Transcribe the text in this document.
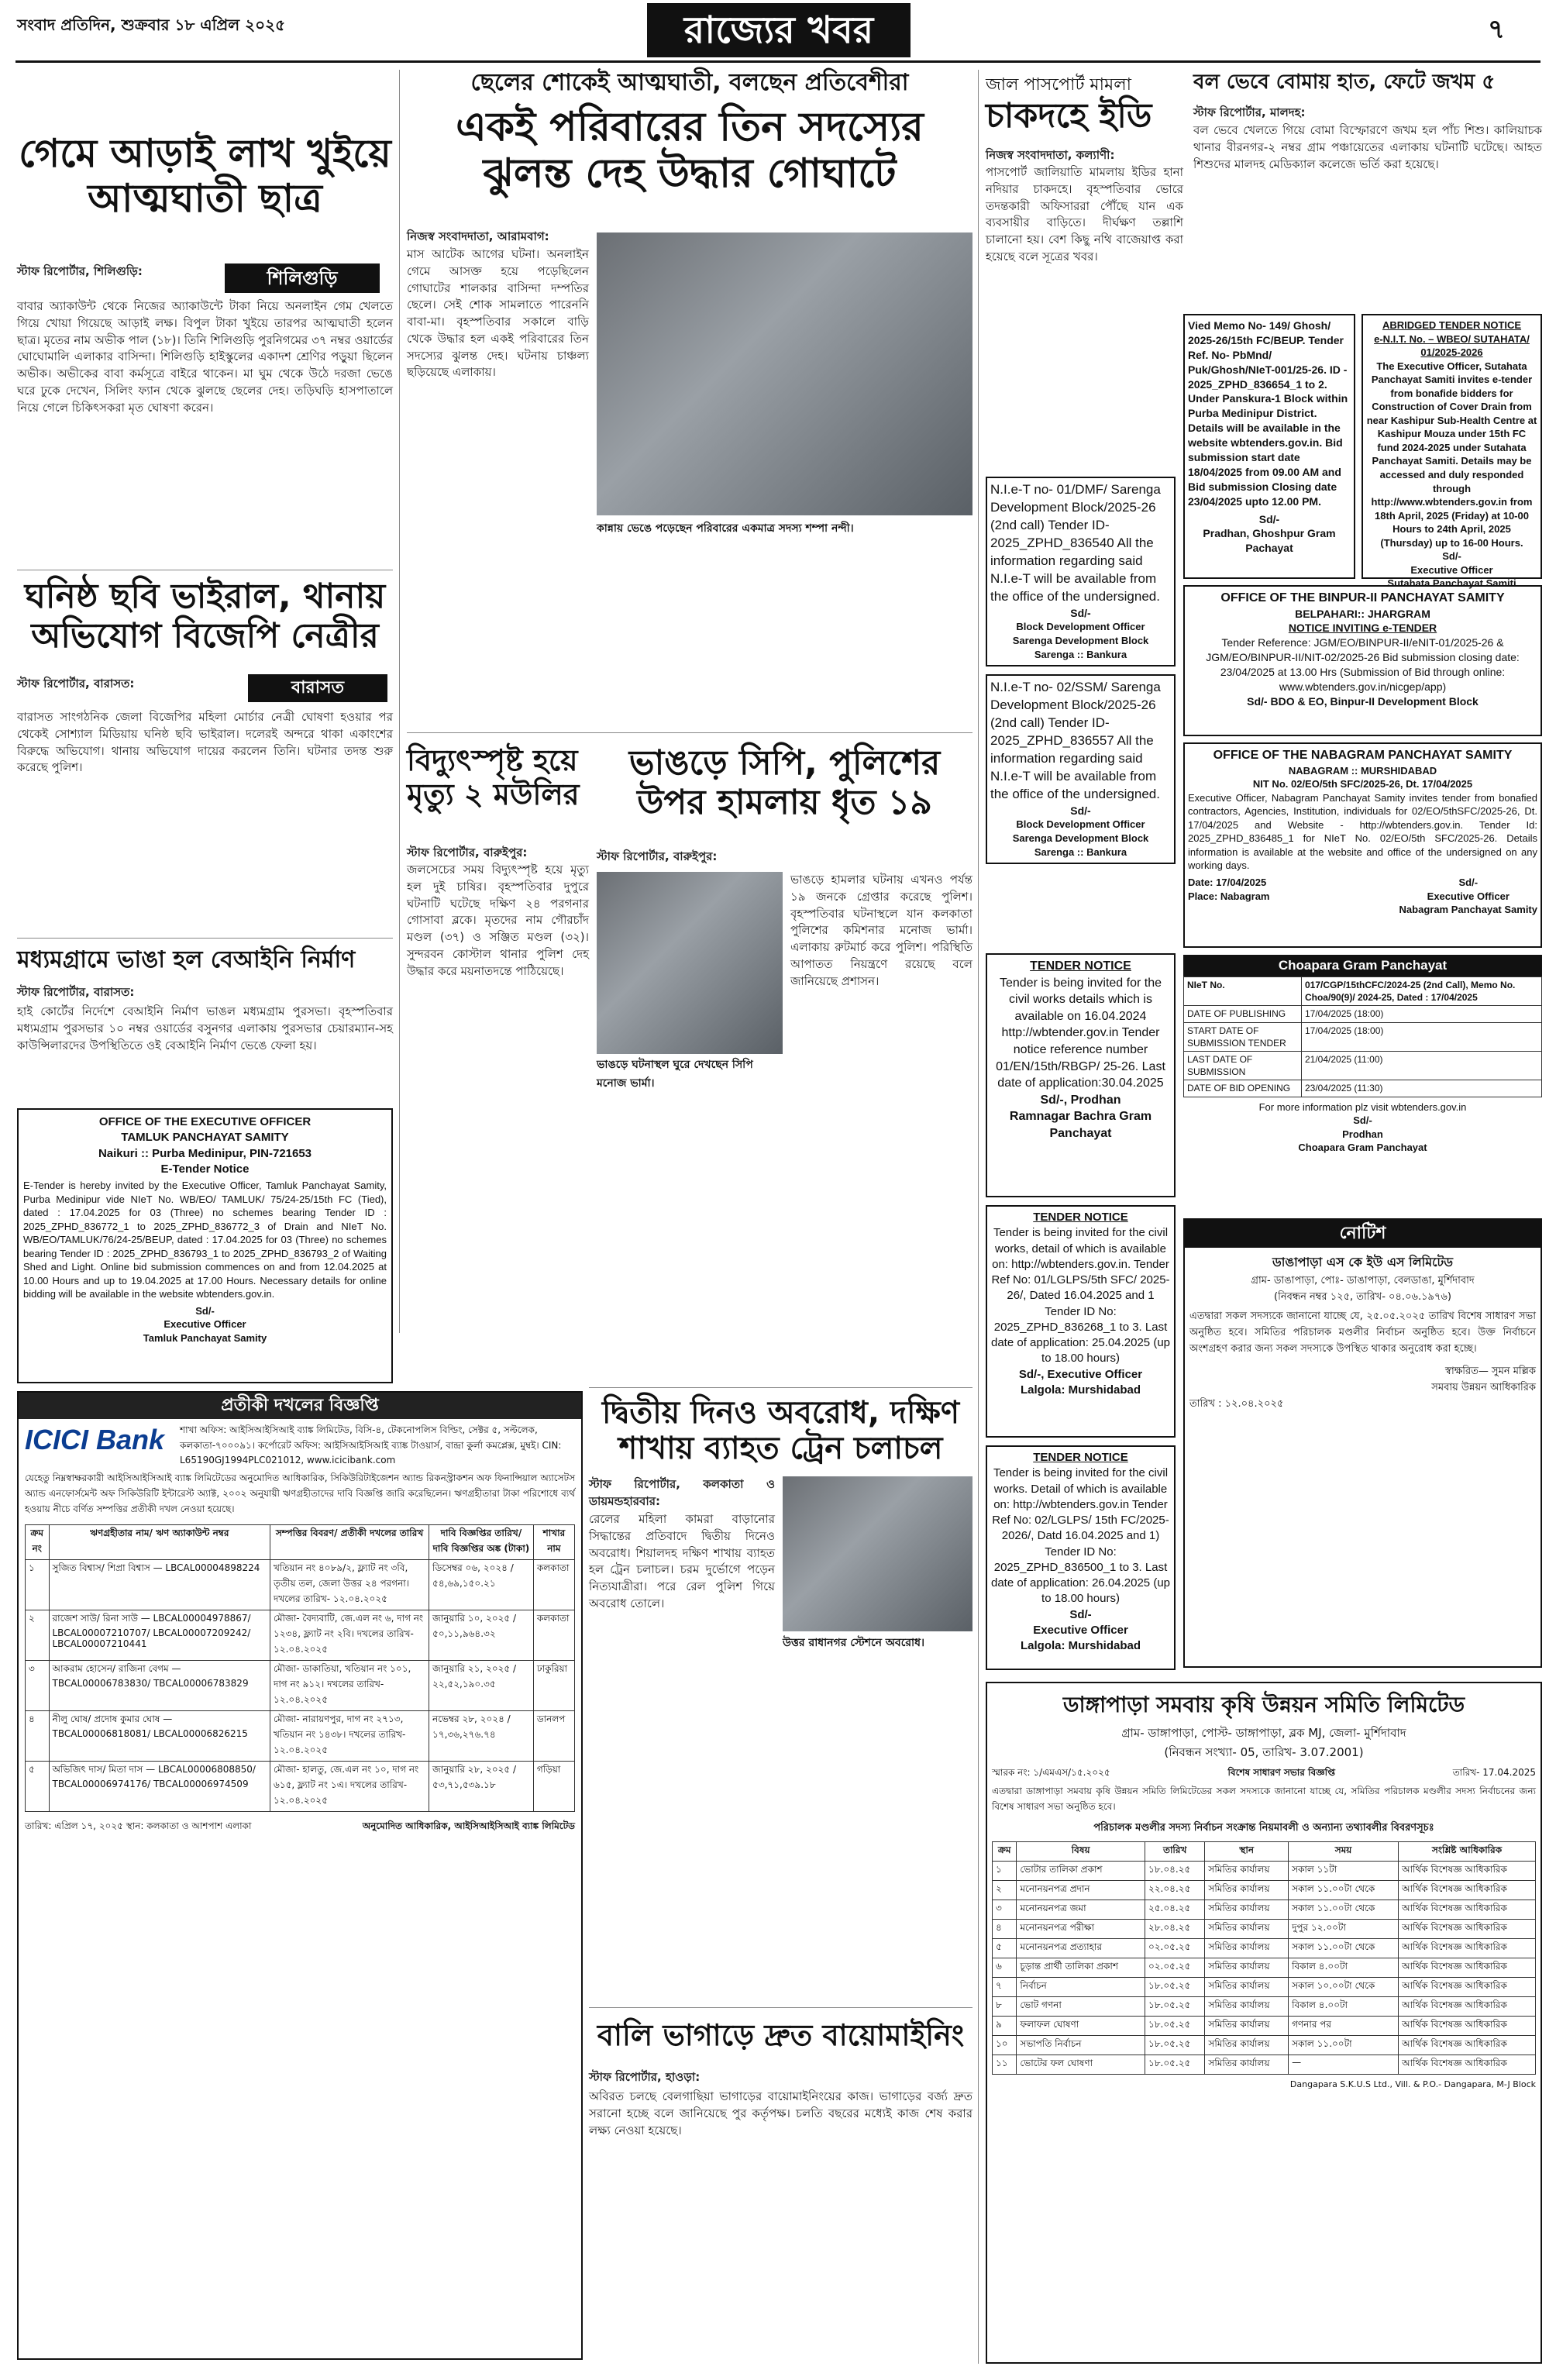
সংবাদ প্রতিদিন, শুক্রবার ১৮ এপ্রিল ২০২৫	রাজ্যের খবর	৭
গেমে আড়াই লাখ খুইয়ে আত্মঘাতী ছাত্র
শিলিগুড়ি
স্টাফ রিপোর্টার, শিলিগুড়ি:
বাবার অ্যাকাউন্ট থেকে নিজের অ্যাকাউন্টে টাকা নিয়ে অনলাইন গেম খেলতে গিয়ে খোয়া গিয়েছে আড়াই লক্ষ। বিপুল টাকা খুইয়ে তারপর আত্মঘাতী হলেন ছাত্র। মৃতের নাম অভীক পাল (১৮)। তিনি শিলিগুড়ি পুরনিগমের ৩৭ নম্বর ওয়ার্ডের ঘোঘোমালি এলাকার বাসিন্দা। শিলিগুড়ি হাইস্কুলের একাদশ শ্রেণির পড়ুয়া ছিলেন অভীক। অভীকের বাবা কর্মসূত্রে বাইরে থাকেন। মা ঘুম থেকে উঠে দরজা ভেঙে ঘরে ঢুকে দেখেন, সিলিং ফ্যান থেকে ঝুলছে ছেলের দেহ। তড়িঘড়ি হাসপাতালে নিয়ে গেলে চিকিৎসকরা মৃত ঘোষণা করেন।
ঘনিষ্ঠ ছবি ভাইরাল, থানায় অভিযোগ বিজেপি নেত্রীর
বারাসত
স্টাফ রিপোর্টার, বারাসত:
বারাসত সাংগঠনিক জেলা বিজেপির মহিলা মোর্চার নেত্রী ঘোষণা হওয়ার পর থেকেই সোশ্যাল মিডিয়ায় ঘনিষ্ঠ ছবি ভাইরাল। দলেরই অন্দরে থাকা একাংশের বিরুদ্ধে অভিযোগ। থানায় অভিযোগ দায়ের করলেন তিনি। ঘটনার তদন্ত শুরু করেছে পুলিশ।
মধ্যমগ্রামে ভাঙা হল বেআইনি নির্মাণ
স্টাফ রিপোর্টার, বারাসত:
হাই কোর্টের নির্দেশে বেআইনি নির্মাণ ভাঙল মধ্যমগ্রাম পুরসভা। বৃহস্পতিবার মধ্যমগ্রাম পুরসভার ১০ নম্বর ওয়ার্ডের বসুনগর এলাকায় পুরসভার চেয়ারম্যান-সহ কাউন্সিলারদের উপস্থিতিতে ওই বেআইনি নির্মাণ ভেঙে ফেলা হয়।
OFFICE OF THE EXECUTIVE OFFICER
TAMLUK PANCHAYAT SAMITY
Naikuri :: Purba Medinipur, PIN-721653
E-Tender Notice
E-Tender is hereby invited by the Executive Officer, Tamluk Panchayat Samity, Purba Medinipur vide NIeT No. WB/EO/ TAMLUK/ 75/24-25/15th FC (Tied), dated : 17.04.2025 for 03 (Three) no schemes bearing Tender ID : 2025_ZPHD_836772_1 to 2025_ZPHD_836772_3 of Drain and NIeT No. WB/EO/TAMLUK/76/24-25/BEUP, dated : 17.04.2025 for 03 (Three) no schemes bearing Tender ID : 2025_ZPHD_836793_1 to 2025_ZPHD_836793_2 of Waiting Shed and Light. Online bid submission commences on and from 12.04.2025 at 10.00 Hours and up to 19.04.2025 at 17.00 Hours. Necessary details for online bidding will be available in the website wbtenders.gov.in.
Sd/-
Executive Officer
Tamluk Panchayat Samity
প্রতীকী দখলের বিজ্ঞপ্তি
ICICI Bank	শাখা অফিস: আইসিআইসিআই ব্যাঙ্ক লিমিটেড, বিসি-৪, টেকনোপলিস বিল্ডিং, সেক্টর ৫, সল্টলেক, কলকাতা-৭০০০৯১। কর্পোরেট অফিস: আইসিআইসিআই ব্যাঙ্ক টাওয়ার্স, বান্দ্রা কুর্লা কমপ্লেক্স, মুম্বই। CIN: L65190GJ1994PLC021012, www.icicibank.com
যেহেতু নিম্নস্বাক্ষরকারী আইসিআইসিআই ব্যাঙ্ক লিমিটেডের অনুমোদিত আধিকারিক, সিকিউরিটাইজেশন অ্যান্ড রিকনস্ট্রাকশন অফ ফিনান্সিয়াল অ্যাসেটস অ্যান্ড এনফোর্সমেন্ট অফ সিকিউরিটি ইন্টারেস্ট অ্যাক্ট, ২০০২ অনুযায়ী ঋণগ্রহীতাদের দাবি বিজ্ঞপ্তি জারি করেছিলেন। ঋণগ্রহীতারা টাকা পরিশোধে ব্যর্থ হওয়ায় নীচে বর্ণিত সম্পত্তির প্রতীকী দখল নেওয়া হয়েছে।
ক্রম নং	ঋণগ্রহীতার নাম/ ঋণ অ্যাকাউন্ট নম্বর	সম্পত্তির বিবরণ/ প্রতীকী দখলের তারিখ	দাবি বিজ্ঞপ্তির তারিখ/ দাবি বিজ্ঞপ্তির অঙ্ক (টাকা)	শাখার নাম
১	সুজিত বিশ্বাস/ শিপ্রা বিশ্বাস — LBCAL00004898224	খতিয়ান নং ৪০৮৯/২, ফ্ল্যাট নং ৩বি, তৃতীয় তল, জেলা উত্তর ২৪ পরগনা। দখলের তারিখ- ১২.০৪.২০২৫	ডিসেম্বর ০৬, ২০২৪ / ৫৪,৬৯,১৫০.২১	কলকাতা
২	রাজেশ সাউ/ রিনা সাউ — LBCAL00004978867/ LBCAL00007210707/ LBCAL00007209242/ LBCAL00007210441	মৌজা- বৈদ্যবাটি, জে.এল নং ৬, দাগ নং ১২৩৪, ফ্ল্যাট নং ২বি। দখলের তারিখ- ১২.০৪.২০২৫	জানুয়ারি ১০, ২০২৫ / ৫০,১১,৯৬৪.৩২	কলকাতা
৩	আকরাম হোসেন/ রাজিনা বেগম — TBCAL00006783830/ TBCAL00006783829	মৌজা- ডাকাতিয়া, খতিয়ান নং ১০১, দাগ নং ৯১২। দখলের তারিখ- ১২.০৪.২০২৫	জানুয়ারি ২১, ২০২৫ / ২২,৫২,১৯০.৩৫	ঢাকুরিয়া
৪	নীলু ঘোষ/ প্রদোষ কুমার ঘোষ — TBCAL00006818081/ LBCAL00006826215	মৌজা- নারায়ণপুর, দাগ নং ২৭১৩, খতিয়ান নং ১৪৩৮। দখলের তারিখ- ১২.০৪.২০২৫	নভেম্বর ২৮, ২০২৪ / ১৭,৩৬,২৭৬.৭৪	ডানলপ
৫	অভিজিৎ দাস/ মিতা দাস — LBCAL00006808850/ TBCAL00006974176/ TBCAL00006974509	মৌজা- হালতু, জে.এল নং ১০, দাগ নং ৬১৫, ফ্ল্যাট নং ১এ। দখলের তারিখ- ১২.০৪.২০২৫	জানুয়ারি ২৮, ২০২৫ / ৫৩,৭১,৫৩৯.১৮	গড়িয়া
তারিখ: এপ্রিল ১৭, ২০২৫ স্থান: কলকাতা ও আশপাশ এলাকা	অনুমোদিত আধিকারিক, আইসিআইসিআই ব্যাঙ্ক লিমিটেড
ছেলের শোকেই আত্মঘাতী, বলছেন প্রতিবেশীরা
একই পরিবারের তিন সদস্যের ঝুলন্ত দেহ উদ্ধার গোঘাটে
নিজস্ব সংবাদদাতা, আরামবাগ:
মাস আটেক আগের ঘটনা। অনলাইন গেমে আসক্ত হয়ে পড়েছিলেন গোঘাটের শালকার বাসিন্দা দম্পতির ছেলে। সেই শোক সামলাতে পারেননি বাবা-মা। বৃহস্পতিবার সকালে বাড়ি থেকে উদ্ধার হল একই পরিবারের তিন সদস্যের ঝুলন্ত দেহ। ঘটনায় চাঞ্চল্য ছড়িয়েছে এলাকায়।
কান্নায় ভেঙে পড়েছেন পরিবারের একমাত্র সদস্য শম্পা নন্দী।
বিদ্যুৎস্পৃষ্ট হয়ে মৃত্যু ২ মউলির
স্টাফ রিপোর্টার, বারুইপুর:
জলসেচের সময় বিদ্যুৎস্পৃষ্ট হয়ে মৃত্যু হল দুই চাষির। বৃহস্পতিবার দুপুরে ঘটনাটি ঘটেছে দক্ষিণ ২৪ পরগনার গোসাবা ব্লকে। মৃতদের নাম গৌরচাঁদ মণ্ডল (৩৭) ও সঞ্জিত মণ্ডল (৩২)। সুন্দরবন কোস্টাল থানার পুলিশ দেহ উদ্ধার করে ময়নাতদন্তে পাঠিয়েছে।
ভাঙড়ে সিপি, পুলিশের উপর হামলায় ধৃত ১৯
স্টাফ রিপোর্টার, বারুইপুর:
ভাঙড়ে ঘটনাস্থল ঘুরে দেখছেন সিপি মনোজ ভার্মা।
ভাঙড়ে হামলার ঘটনায় এখনও পর্যন্ত ১৯ জনকে গ্রেপ্তার করেছে পুলিশ। বৃহস্পতিবার ঘটনাস্থলে যান কলকাতা পুলিশের কমিশনার মনোজ ভার্মা। এলাকায় রুটমার্চ করে পুলিশ। পরিস্থিতি আপাতত নিয়ন্ত্রণে রয়েছে বলে জানিয়েছে প্রশাসন।
দ্বিতীয় দিনও অবরোধ, দক্ষিণ শাখায় ব্যাহত ট্রেন চলাচল
স্টাফ রিপোর্টার, কলকাতা ও ডায়মন্ডহারবার:
রেলের মহিলা কামরা বাড়ানোর সিদ্ধান্তের প্রতিবাদে দ্বিতীয় দিনেও অবরোধ। শিয়ালদহ দক্ষিণ শাখায় ব্যাহত হল ট্রেন চলাচল। চরম দুর্ভোগে পড়েন নিত্যযাত্রীরা। পরে রেল পুলিশ গিয়ে অবরোধ তোলে।
উত্তর রাধানগর স্টেশনে অবরোধ।
বালি ভাগাড়ে দ্রুত বায়োমাইনিং
স্টাফ রিপোর্টার, হাওড়া:
অবিরত চলছে বেলগাছিয়া ভাগাড়ের বায়োমাইনিংয়ের কাজ। ভাগাড়ের বর্জ্য দ্রুত সরানো হচ্ছে বলে জানিয়েছে পুর কর্তৃপক্ষ। চলতি বছরের মধ্যেই কাজ শেষ করার লক্ষ্য নেওয়া হয়েছে।
জাল পাসপোর্ট মামলা
চাকদহে ইডি
নিজস্ব সংবাদদাতা, কল্যাণী:
পাসপোর্ট জালিয়াতি মামলায় ইডির হানা নদিয়ার চাকদহে। বৃহস্পতিবার ভোরে তদন্তকারী অফিসাররা পৌঁছে যান এক ব্যবসায়ীর বাড়িতে। দীর্ঘক্ষণ তল্লাশি চালানো হয়। বেশ কিছু নথি বাজেয়াপ্ত করা হয়েছে বলে সূত্রের খবর।
বল ভেবে বোমায় হাত, ফেটে জখম ৫
স্টাফ রিপোর্টার, মালদহ:
বল ভেবে খেলতে গিয়ে বোমা বিস্ফোরণে জখম হল পাঁচ শিশু। কালিয়াচক থানার বীরনগর-২ নম্বর গ্রাম পঞ্চায়েতের এলাকায় ঘটনাটি ঘটেছে। আহত শিশুদের মালদহ মেডিক্যাল কলেজে ভর্তি করা হয়েছে।
Vied Memo No- 149/ Ghosh/ 2025-26/15th FC/BEUP. Tender Ref. No- PbMnd/ Puk/Ghosh/NIeT-001/25-26. ID - 2025_ZPHD_836654_1 to 2. Under Panskura-1 Block within Purba Medinipur District. Details will be available in the website wbtenders.gov.in. Bid submission start date 18/04/2025 from 09.00 AM and Bid submission Closing date 23/04/2025 upto 12.00 PM.
Sd/-
Pradhan, Ghoshpur Gram Pachayat
ABRIDGED TENDER NOTICE
e-N.I.T. No. – WBEO/ SUTAHATA/ 01/2025-2026
The Executive Officer, Sutahata Panchayat Samiti invites e-tender from bonafide bidders for Construction of Cover Drain from near Kashipur Sub-Health Centre at Kashipur Mouza under 15th FC fund 2024-2025 under Sutahata Panchayat Samiti. Details may be accessed and duly responded through http://www.wbtenders.gov.in from 18th April, 2025 (Friday) at 10-00 Hours to 24th April, 2025 (Thursday) up to 16-00 Hours.
Sd/-
Executive Officer
Sutahata Panchayat Samiti
N.I.e-T no- 01/DMF/ Sarenga Development Block/2025-26 (2nd call) Tender ID- 2025_ZPHD_836540 All the information regarding said N.I.e-T will be available from the office of the undersigned.
Sd/-
Block Development Officer
Sarenga Development Block
Sarenga :: Bankura
N.I.e-T no- 02/SSM/ Sarenga Development Block/2025-26 (2nd call) Tender ID- 2025_ZPHD_836557 All the information regarding said N.I.e-T will be available from the office of the undersigned.
Sd/-
Block Development Officer
Sarenga Development Block
Sarenga :: Bankura
OFFICE OF THE BINPUR-II PANCHAYAT SAMITY
BELPAHARI:: JHARGRAM
NOTICE INVITING e-TENDER
Tender Reference: JGM/EO/BINPUR-II/eNIT-01/2025-26 & JGM/EO/BINPUR-II/NIT-02/2025-26 Bid submission closing date: 23/04/2025 at 13.00 Hrs (Submission of Bid through online: www.wbtenders.gov.in/nicgep/app)
Sd/- BDO & EO, Binpur-II Development Block
OFFICE OF THE NABAGRAM PANCHAYAT SAMITY
NABAGRAM :: MURSHIDABAD
NIT No. 02/EO/5th SFC/2025-26, Dt. 17/04/2025
Executive Officer, Nabagram Panchayat Samity invites tender from bonafied contractors, Agencies, Institution, individuals for 02/EO/5thSFC/2025-26, Dt. 17/04/2025 and Website - http://wbtenders.gov.in. Tender Id: 2025_ZPHD_836485_1 for NIeT No. 02/EO/5th SFC/2025-26. Details information is available at the website and office of the undersigned on any working days.
Date: 17/04/2025
Place: Nabagram
Sd/-
Executive Officer
Nabagram Panchayat Samity
TENDER NOTICE
Tender is being invited for the civil works details which is available on 16.04.2024 http://wbtender.gov.in Tender notice reference number 01/EN/15th/RBGP/ 25-26. Last date of application:30.04.2025
Sd/-, Prodhan
Ramnagar Bachra Gram Panchayat
Choapara Gram Panchayat
NIeT No.	017/CGP/15thCFC/2024-25 (2nd Call), Memo No. Choa/90(9)/ 2024-25, Dated : 17/04/2025
DATE OF PUBLISHING	17/04/2025 (18:00)
START DATE OF SUBMISSION TENDER	17/04/2025 (18:00)
LAST DATE OF SUBMISSION	21/04/2025 (11:00)
DATE OF BID OPENING	23/04/2025 (11:30)
For more information plz visit wbtenders.gov.in
Sd/-
Prodhan
Choapara Gram Panchayat
TENDER NOTICE
Tender is being invited for the civil works, detail of which is available on: http://wbtenders.gov.in. Tender Ref No: 01/LGLPS/5th SFC/ 2025-26/, Dated 16.04.2025 and 1 Tender ID No: 2025_ZPHD_836268_1 to 3. Last date of application: 25.04.2025 (up to 18.00 hours)
Sd/-, Executive Officer
Lalgola: Murshidabad
TENDER NOTICE
Tender is being invited for the civil works. Detail of which is available on: http://wbtenders.gov.in Tender Ref No: 02/LGLPS/ 15th FC/2025-2026/, Datd 16.04.2025 and 1) Tender ID No: 2025_ZPHD_836500_1 to 3. Last date of application: 26.04.2025 (up to 18.00 hours)
Sd/-
Executive Officer
Lalgola: Murshidabad
নোটিশ
ডাঙাপাড়া এস কে ইউ এস লিমিটেড
গ্রাম- ডাঙাপাড়া, পোঃ- ডাঙাপাড়া, বেলডাঙা, মুর্শিদাবাদ
(নিবন্ধন নম্বর ১২৫, তারিখ- ০৪.০৬.১৯৭৬)
এতদ্বারা সকল সদস্যকে জানানো যাচ্ছে যে, ২৫.০৫.২০২৫ তারিখ বিশেষ সাধারণ সভা অনুষ্ঠিত হবে। সমিতির পরিচালক মণ্ডলীর নির্বাচন অনুষ্ঠিত হবে। উক্ত নির্বাচনে অংশগ্রহণ করার জন্য সকল সদস্যকে উপস্থিত থাকার অনুরোধ করা হচ্ছে।
স্বাক্ষরিত— সুমন মল্লিক
সমবায় উন্নয়ন আধিকারিক
তারিখ : ১২.০৪.২০২৫
ডাঙ্গাপাড়া সমবায় কৃষি উন্নয়ন সমিতি লিমিটেড
গ্রাম- ডাঙ্গাপাড়া, পোস্ট- ডাঙ্গাপাড়া, ব্লক MJ, জেলা- মুর্শিদাবাদ
(নিবন্ধন সংখ্যা- 05, তারিখ- 3.07.2001)
স্মারক নং: ১/এমএস/১৫.২০২৫	বিশেষ সাধারণ সভার বিজ্ঞপ্তি	তারিখ- 17.04.2025
এতদ্বারা ডাঙ্গাপাড়া সমবায় কৃষি উন্নয়ন সমিতি লিমিটেডের সকল সদস্যকে জানানো যাচ্ছে যে, সমিতির পরিচালক মণ্ডলীর সদস্য নির্বাচনের জন্য বিশেষ সাধারণ সভা অনুষ্ঠিত হবে।
পরিচালক মণ্ডলীর সদস্য নির্বাচন সংক্রান্ত নিয়মাবলী ও অন্যান্য তথ্যাবলীর বিবরণসূচঃ
ক্রম	বিষয়	তারিখ	স্থান	সময়	সংশ্লিষ্ট আধিকারিক
১	ভোটার তালিকা প্রকাশ	১৮.০৪.২৫	সমিতির কার্যালয়	সকাল ১১টা	আর্থিক বিশেষজ্ঞ আধিকারিক
২	মনোনয়নপত্র প্রদান	২২.০৪.২৫	সমিতির কার্যালয়	সকাল ১১.০০টা থেকে	আর্থিক বিশেষজ্ঞ আধিকারিক
৩	মনোনয়নপত্র জমা	২৫.০৪.২৫	সমিতির কার্যালয়	সকাল ১১.০০টা থেকে	আর্থিক বিশেষজ্ঞ আধিকারিক
৪	মনোনয়নপত্র পরীক্ষা	২৮.০৪.২৫	সমিতির কার্যালয়	দুপুর ১২.০০টা	আর্থিক বিশেষজ্ঞ আধিকারিক
৫	মনোনয়নপত্র প্রত্যাহার	০২.০৫.২৫	সমিতির কার্যালয়	সকাল ১১.০০টা থেকে	আর্থিক বিশেষজ্ঞ আধিকারিক
৬	চূড়ান্ত প্রার্থী তালিকা প্রকাশ	০২.০৫.২৫	সমিতির কার্যালয়	বিকাল ৪.০০টা	আর্থিক বিশেষজ্ঞ আধিকারিক
৭	নির্বাচন	১৮.০৫.২৫	সমিতির কার্যালয়	সকাল ১০.০০টা থেকে	আর্থিক বিশেষজ্ঞ আধিকারিক
৮	ভোট গণনা	১৮.০৫.২৫	সমিতির কার্যালয়	বিকাল ৪.০০টা	আর্থিক বিশেষজ্ঞ আধিকারিক
৯	ফলাফল ঘোষণা	১৮.০৫.২৫	সমিতির কার্যালয়	গণনার পর	আর্থিক বিশেষজ্ঞ আধিকারিক
১০	সভাপতি নির্বাচন	১৮.০৫.২৫	সমিতির কার্যালয়	সকাল ১১.০০টা	আর্থিক বিশেষজ্ঞ আধিকারিক
১১	ভোটের ফল ঘোষণা	১৮.০৫.২৫	সমিতির কার্যালয়	—	আর্থিক বিশেষজ্ঞ আধিকারিক
Dangapara S.K.U.S Ltd., Vill. & P.O.- Dangapara, M-J Block
